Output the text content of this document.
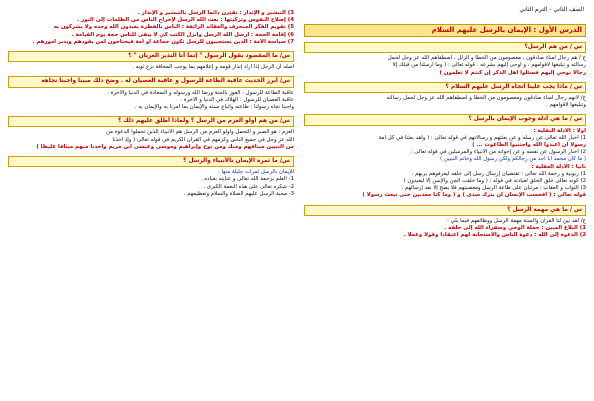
الصف الثاني - الترم الثاني
الدرس الأول : الإيمان بالرسل عليهم السلام
س / من هم الرسل؟
ج / هم رجال أمناء صادقون ، معصومون من الخطأ و الزلل ، اصطفاهم الله عز وجل لحمل
رسالته و تبليغها لأقوامهم ، و أوحى إليهم بشرعه . قوله تعالى : ( وما أرسلنا من قبلك إلا
رجالا نوحي إليهم فسئلوا أهل الذكر إن كنتم لا تعلمون )
س / ماذا يجب علينا اتجاه الرسل عليهم السلام ؟
ج/ لأنهم رجال أمناء صادقون ومعصومون من الخطأ و اصطفاهم الله عز وجل لحمل رسالته
وتبليغها لأقوامهم .
س / ما هي أدلة وجوب الإيمان بالرسل ؟
أولاً : الأدلة النقلية :
1) أخبار الله تعالى عن رسله و عن بعثتهم و رسالاتهم في قوله تعالى : ( ولقد بعثنا في كل أمة
رسولا أن اعبدوا الله واجتنبوا الطاغوت ... )
2) أخبار الرسول عن نفسه و عن إخوانه من الأنبياء والمرسلين في قوله تعالى :
( ما كان محمد أبا أحد من رجالكم ولكن رسول الله وخاتم النبيين )
ثانياً : الأدلة العقلية :
1) ربوبية و رحمة الله تعالى : تقتضيان إرسال رسل إلى خلقه ليعرفوهم بربهم .
2) كونه تعالى خلق الخلق لعبادته في قوله : ( وما خلقت الجن والإنس إلا ليعبدون )
3) الثواب و العقاب : مرتبان على طاعة الرسل ومعصيتهم فلا يصح إلا بعد إرسالهم .
قوله تعالى : ( أفحسب الإنسان أن يترك سدى ) و ( وما كنا معذبين حتى نبعث رسولا )
س / ما هي مهمة الرسل ؟
ج/ لقد بين لنا القرآن والسنة مهمة الرسل ووظائفهم فيما يلي :
1) البلاغ المبين : حملة الوحي وسفراء الله إلى خلقه .
2) الدعوة إلى الله : دعوة الناس والاستجابة لهم اعتقادا وقولا وعملا .
3) التبشير و الإنذار : تقترن دائما الرسل بالتبشير و الإنذار .
4) إصلاح النفوس وتزكيتها : بعث الله الرسل لإخراج الناس من الظلمات إلى النور .
5) تقويم الفكر المنحرف والعقائد الزائفة : الناس بالفطرة يعبدون الله وحده ولا يشركون به
6) إقامة الحجة : أرسل الله الرسل وأنزل الكتب كي لا يبقى للناس حجة يوم القيامة .
7) سياسة الأمة : الذين يستجيبون للرسل تكون جماعة أو أمة فيحتاجون لمن يقودهم ويدبر أمورهم .
س/ ما المقصود بقول الرسول " إنما أنا النذير العريان " ؟
أصله أن الرجل إذا أراد إنذار قومه و إعلامهم بما يوجب المخافة نزع ثوبه .
س/ أبرز الحديث عاقبة الطاعة للرسول و عاقبة العصيان له . وضح ذلك مبينا واجبنا تجاهه
عاقبة الطاعة للرسول : الفوز بالجنة ورضا الله ورسوله و السعادة في الدنيا والآخرة .
عاقبة العصيان للرسول : الهلاك في الدنيا و الآخرة .
واجبنا تجاه رسولنا : طاعته واتباع سنته والإيمان بما أمرنا به والإيمان به .
س/ من هم أولو العزم من الرسل ؟ ولماذا أطلق عليهم ذلك ؟
العزم : هو الصبر و التحمل وأولو العزم من الرسل هم الأنبياء الذين تحملوا الدعوة من
الله عز وجل في جميع الناس وكرمهم في القرآن الكريم في قوله تعالى ( وإذ أخذنا
من النبيين ميثاقهم ومنك ومن نوح وإبراهيم وموسى وعيسى ابن مريم وأخذنا منهم ميثاقا غليظا )
س/ ما ثمرة الإيمان بالأنبياء والرسل ؟
للإيمان بالرسل ثمرات جليلة منها :
1- العلم برحمة الله تعالى و عنايته بعباده .
2- شكره تعالى على هذه النعمة الكبرى .
3- محبة الرسل عليهم الصلاة والسلام وتعظيمهم .
